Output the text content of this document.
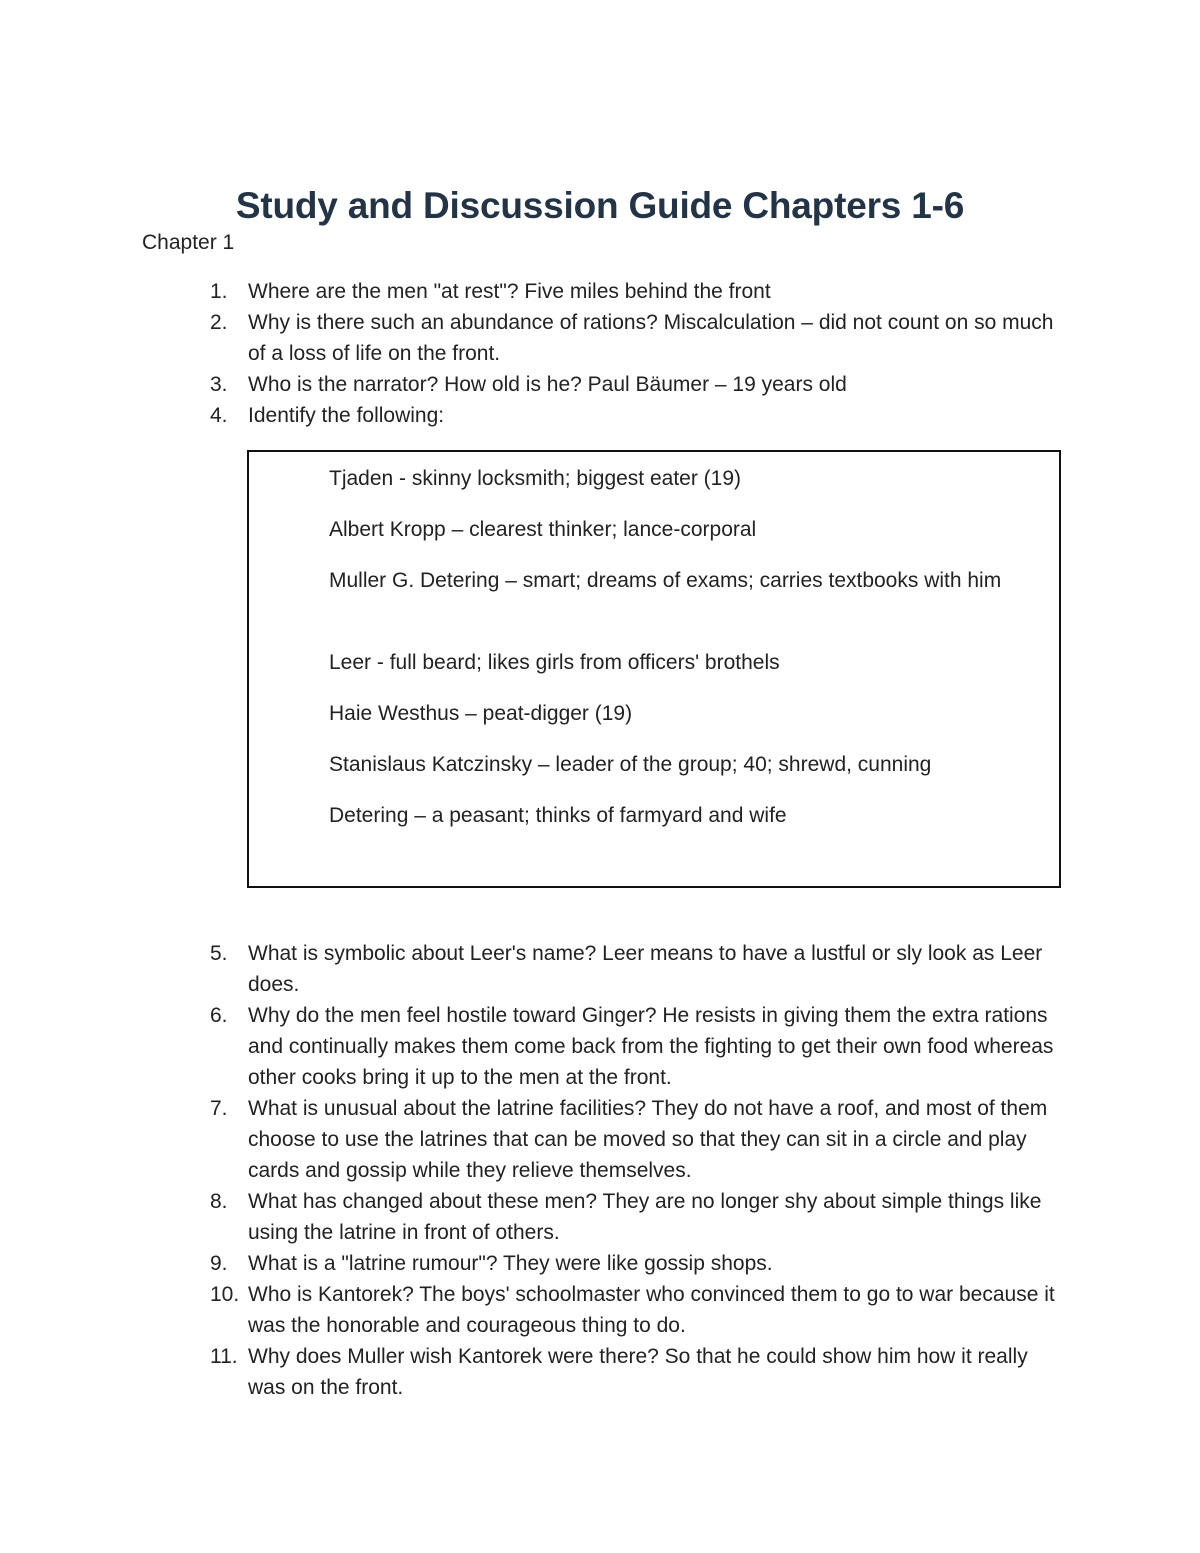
Study and Discussion Guide Chapters 1-6
Chapter 1
1. Where are the men "at rest"? Five miles behind the front
2. Why is there such an abundance of rations? Miscalculation – did not count on so much of a loss of life on the front.
3. Who is the narrator? How old is he? Paul Bäumer – 19 years old
4. Identify the following:
Tjaden - skinny locksmith; biggest eater (19)
Albert Kropp – clearest thinker; lance-corporal
Muller G. Detering – smart; dreams of exams; carries textbooks with him
Leer - full beard; likes girls from officers' brothels
Haie Westhus – peat-digger (19)
Stanislaus Katczinsky – leader of the group; 40; shrewd, cunning
Detering – a peasant; thinks of farmyard and wife
5. What is symbolic about Leer's name? Leer means to have a lustful or sly look as Leer does.
6. Why do the men feel hostile toward Ginger? He resists in giving them the extra rations and continually makes them come back from the fighting to get their own food whereas other cooks bring it up to the men at the front.
7. What is unusual about the latrine facilities? They do not have a roof, and most of them choose to use the latrines that can be moved so that they can sit in a circle and play cards and gossip while they relieve themselves.
8. What has changed about these men? They are no longer shy about simple things like using the latrine in front of others.
9. What is a "latrine rumour"? They were like gossip shops.
10. Who is Kantorek? The boys' schoolmaster who convinced them to go to war because it was the honorable and courageous thing to do.
11. Why does Muller wish Kantorek were there? So that he could show him how it really was on the front.
